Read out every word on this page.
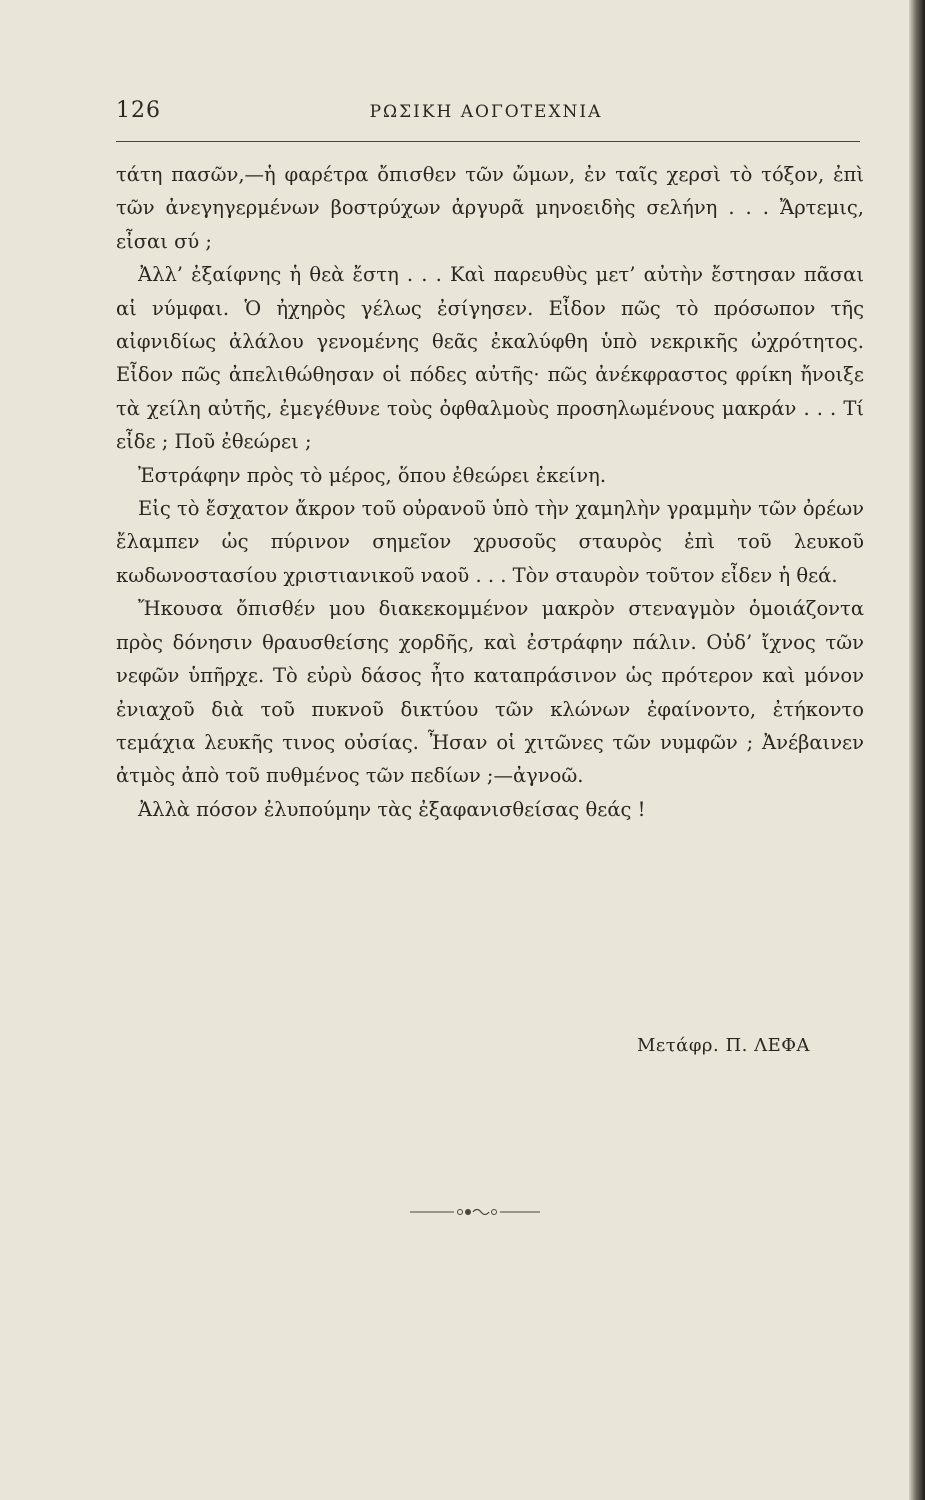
126	ΡΩΣΙΚΗ ΑΟΓΟΤΕΧΝΙΑ

τάτη πασῶν,—ἡ φαρέτρα ὄπισθεν τῶν ὤμων, ἐν ταῖς χερσὶ τὸ τόξον, ἐπὶ τῶν ἀνεγηγερμένων βοστρύχων ἀργυρᾶ μηνοειδὴς σελήνη . . . Ἄρτεμις, εἶσαι σύ ;

Ἀλλ’ ἐξαίφνης ἡ θεὰ ἔστη . . . Καὶ παρευθὺς μετ’ αὐτὴν ἔστησαν πᾶσαι αἱ νύμφαι. Ὁ ἠχηρὸς γέλως ἐσίγησεν. Εἶδον πῶς τὸ πρόσωπον τῆς αἰφνιδίως ἀλάλου γενομένης θεᾶς ἐκαλύφθη ὑπὸ νεκρικῆς ὠχρότητος. Εἶδον πῶς ἀπελιθώθησαν οἱ πόδες αὐτῆς· πῶς ἀνέκφραστος φρίκη ἤνοιξε τὰ χείλη αὐτῆς, ἐμεγέθυνε τοὺς ὀφθαλμοὺς προσηλωμένους μακράν . . . Τί εἶδε ; Ποῦ ἐθεώρει ;

Ἐστράφην πρὸς τὸ μέρος, ὅπου ἐθεώρει ἐκείνη.

Εἰς τὸ ἔσχατον ἄκρον τοῦ οὐρανοῦ ὑπὸ τὴν χαμηλὴν γραμμὴν τῶν ὀρέων ἔλαμπεν ὡς πύρινον σημεῖον χρυσοῦς σταυρὸς ἐπὶ τοῦ λευκοῦ κωδωνοστασίου χριστιανικοῦ ναοῦ . . . Τὸν σταυρὸν τοῦτον εἶδεν ἡ θεά.

Ἤκουσα ὄπισθέν μου διακεκομμένον μακρὸν στεναγμὸν ὁμοιάζοντα πρὸς δόνησιν θραυσθείσης χορδῆς, καὶ ἐστράφην πάλιν. Οὐδ’ ἴχνος τῶν νεφῶν ὑπῆρχε. Τὸ εὐρὺ δάσος ἦτο καταπράσινον ὡς πρότερον καὶ μόνον ἐνιαχοῦ διὰ τοῦ πυκνοῦ δικτύου τῶν κλώνων ἐφαίνοντο, ἐτήκοντο τεμάχια λευκῆς τινος οὐσίας. Ἦσαν οἱ χιτῶνες τῶν νυμφῶν ; Ἀνέβαινεν ἀτμὸς ἀπὸ τοῦ πυθμένος τῶν πεδίων ;—ἀγνοῶ.

Ἀλλὰ πόσον ἐλυπούμην τὰς ἐξαφανισθείσας θεάς !

Μετάφρ. Π. ΛΕΦΑ
